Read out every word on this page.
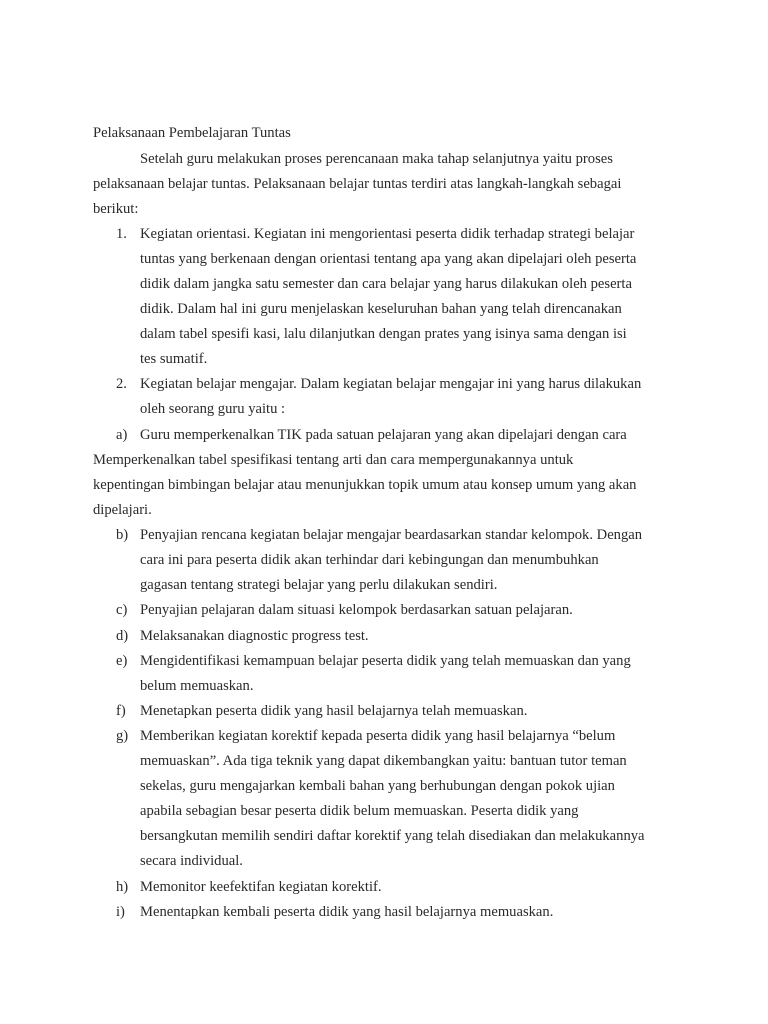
Pelaksanaan Pembelajaran Tuntas
Setelah guru melakukan proses perencanaan maka tahap selanjutnya yaitu proses
pelaksanaan belajar tuntas. Pelaksanaan belajar tuntas terdiri atas langkah-langkah sebagai
berikut:
1. Kegiatan orientasi. Kegiatan ini mengorientasi peserta didik terhadap strategi belajar
tuntas yang berkenaan dengan orientasi tentang apa yang akan dipelajari oleh peserta
didik dalam jangka satu semester dan cara belajar yang harus dilakukan oleh peserta
didik. Dalam hal ini guru menjelaskan keseluruhan bahan yang telah direncanakan
dalam tabel spesifi kasi, lalu dilanjutkan dengan prates yang isinya sama dengan isi
tes sumatif.
2. Kegiatan belajar mengajar. Dalam kegiatan belajar mengajar ini yang harus dilakukan
oleh seorang guru yaitu :
a) Guru memperkenalkan TIK pada satuan pelajaran yang akan dipelajari dengan cara
Memperkenalkan tabel spesifikasi tentang arti dan cara mempergunakannya untuk
kepentingan bimbingan belajar atau menunjukkan topik umum atau konsep umum yang akan
dipelajari.
b) Penyajian rencana kegiatan belajar mengajar beardasarkan standar kelompok. Dengan
cara ini para peserta didik akan terhindar dari kebingungan dan menumbuhkan
gagasan tentang strategi belajar yang perlu dilakukan sendiri.
c) Penyajian pelajaran dalam situasi kelompok berdasarkan satuan pelajaran.
d) Melaksanakan diagnostic progress test.
e) Mengidentifikasi kemampuan belajar peserta didik yang telah memuaskan dan yang
belum memuaskan.
f) Menetapkan peserta didik yang hasil belajarnya telah memuaskan.
g) Memberikan kegiatan korektif kepada peserta didik yang hasil belajarnya “belum
memuaskan”. Ada tiga teknik yang dapat dikembangkan yaitu: bantuan tutor teman
sekelas, guru mengajarkan kembali bahan yang berhubungan dengan pokok ujian
apabila sebagian besar peserta didik belum memuaskan. Peserta didik yang
bersangkutan memilih sendiri daftar korektif yang telah disediakan dan melakukannya
secara individual.
h) Memonitor keefektifan kegiatan korektif.
i) Menentapkan kembali peserta didik yang hasil belajarnya memuaskan.
